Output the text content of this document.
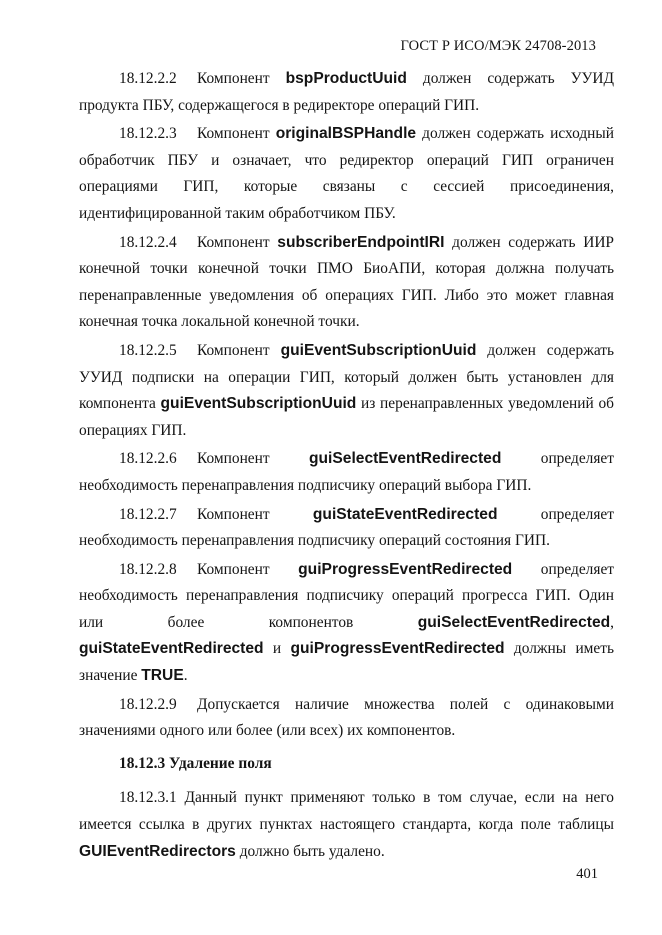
ГОСТ Р ИСО/МЭК 24708-2013

18.12.2.2 Компонент bspProductUuid должен содержать УУИД продукта ПБУ, содержащегося в редиректоре операций ГИП.

18.12.2.3 Компонент originalBSPHandle должен содержать исходный обработчик ПБУ и означает, что редиректор операций ГИП ограничен операциями ГИП, которые связаны с сессией присоединения, идентифицированной таким обработчиком ПБУ.

18.12.2.4 Компонент subscriberEndpointIRI должен содержать ИИР конечной точки конечной точки ПМО БиоАПИ, которая должна получать перенаправленные уведомления об операциях ГИП. Либо это может главная конечная точка локальной конечной точки.

18.12.2.5 Компонент guiEventSubscriptionUuid должен содержать УУИД подписки на операции ГИП, который должен быть установлен для компонента guiEventSubscriptionUuid из перенаправленных уведомлений об операциях ГИП.

18.12.2.6 Компонент guiSelectEventRedirected определяет необходимость перенаправления подписчику операций выбора ГИП.

18.12.2.7 Компонент guiStateEventRedirected определяет необходимость перенаправления подписчику операций состояния ГИП.

18.12.2.8 Компонент guiProgressEventRedirected определяет необходимость перенаправления подписчику операций прогресса ГИП. Один или более компонентов guiSelectEventRedirected, guiStateEventRedirected и guiProgressEventRedirected должны иметь значение TRUE.

18.12.2.9 Допускается наличие множества полей с одинаковыми значениями одного или более (или всех) их компонентов.

18.12.3 Удаление поля

18.12.3.1 Данный пункт применяют только в том случае, если на него имеется ссылка в других пунктах настоящего стандарта, когда поле таблицы GUIEventRedirectors должно быть удалено.

401
